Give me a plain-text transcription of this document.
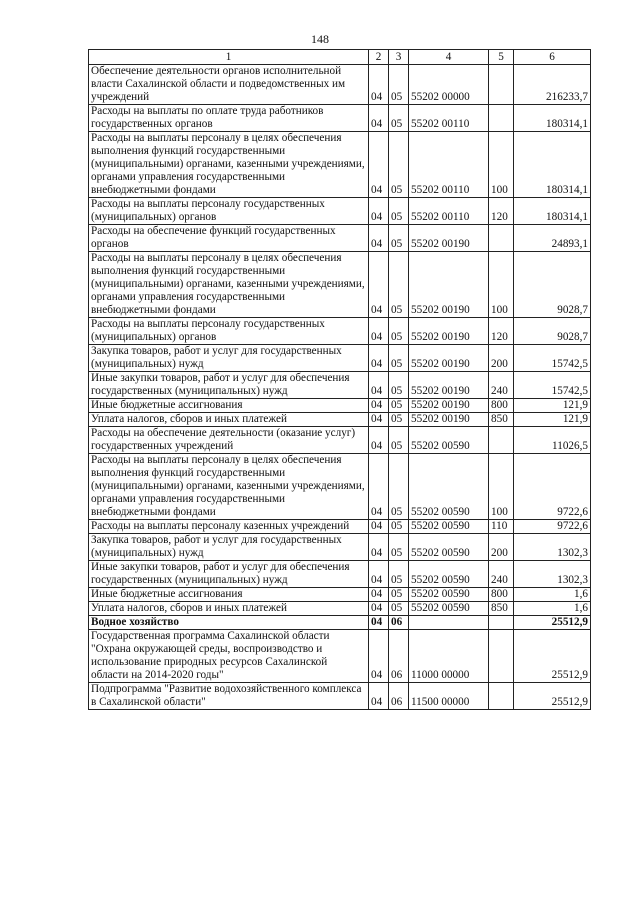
148
1	2	3	4	5	6
Обеспечение деятельности органов исполнительной власти Сахалинской области и подведомственных им учреждений	04	05	55202 00000		216233,7
Расходы на выплаты по оплате труда работников государственных органов	04	05	55202 00110		180314,1
Расходы на выплаты персоналу в целях обеспечения выполнения функций государственными (муниципальными) органами, казенными учреждениями, органами управления государственными внебюджетными фондами	04	05	55202 00110	100	180314,1
Расходы на выплаты персоналу государственных (муниципальных) органов	04	05	55202 00110	120	180314,1
Расходы на обеспечение функций государственных органов	04	05	55202 00190		24893,1
Расходы на выплаты персоналу в целях обеспечения выполнения функций государственными (муниципальными) органами, казенными учреждениями, органами управления государственными внебюджетными фондами	04	05	55202 00190	100	9028,7
Расходы на выплаты персоналу государственных (муниципальных) органов	04	05	55202 00190	120	9028,7
Закупка товаров, работ и услуг для государственных (муниципальных) нужд	04	05	55202 00190	200	15742,5
Иные закупки товаров, работ и услуг для обеспечения государственных (муниципальных) нужд	04	05	55202 00190	240	15742,5
Иные бюджетные ассигнования	04	05	55202 00190	800	121,9
Уплата налогов, сборов и иных платежей	04	05	55202 00190	850	121,9
Расходы на обеспечение деятельности (оказание услуг) государственных учреждений	04	05	55202 00590		11026,5
Расходы на выплаты персоналу в целях обеспечения выполнения функций государственными (муниципальными) органами, казенными учреждениями, органами управления государственными внебюджетными фондами	04	05	55202 00590	100	9722,6
Расходы на выплаты персоналу казенных учреждений	04	05	55202 00590	110	9722,6
Закупка товаров, работ и услуг для государственных (муниципальных) нужд	04	05	55202 00590	200	1302,3
Иные закупки товаров, работ и услуг для обеспечения государственных (муниципальных) нужд	04	05	55202 00590	240	1302,3
Иные бюджетные ассигнования	04	05	55202 00590	800	1,6
Уплата налогов, сборов и иных платежей	04	05	55202 00590	850	1,6
Водное хозяйство	04	06			25512,9
Государственная программа Сахалинской области "Охрана окружающей среды, воспроизводство и использование природных ресурсов Сахалинской области на 2014-2020 годы"	04	06	11000 00000		25512,9
Подпрограмма "Развитие водохозяйственного комплекса в Сахалинской области"	04	06	11500 00000		25512,9
